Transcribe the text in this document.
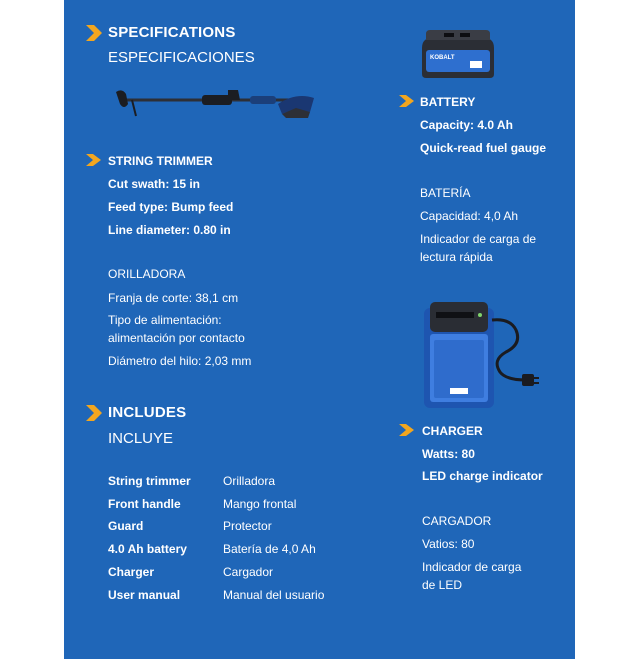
SPECIFICATIONS
ESPECIFICACIONES
STRING TRIMMER
Cut swath: 15 in
Feed type: Bump feed
Line diameter: 0.80 in
ORILLADORA
Franja de corte: 38,1 cm
Tipo de alimentación:
alimentación por contacto
Diámetro del hilo: 2,03 mm
INCLUDES
INCLUYE
String trimmer	Orilladora
Front handle	Mango frontal
Guard	Protector
4.0 Ah battery	Batería de 4,0 Ah
Charger	Cargador
User manual	Manual del usuario
KOBALT
BATTERY
Capacity: 4.0 Ah
Quick-read fuel gauge
BATERÍA
Capacidad: 4,0 Ah
Indicador de carga de
lectura rápida
CHARGER
Watts: 80
LED charge indicator
CARGADOR
Vatios: 80
Indicador de carga
de LED
